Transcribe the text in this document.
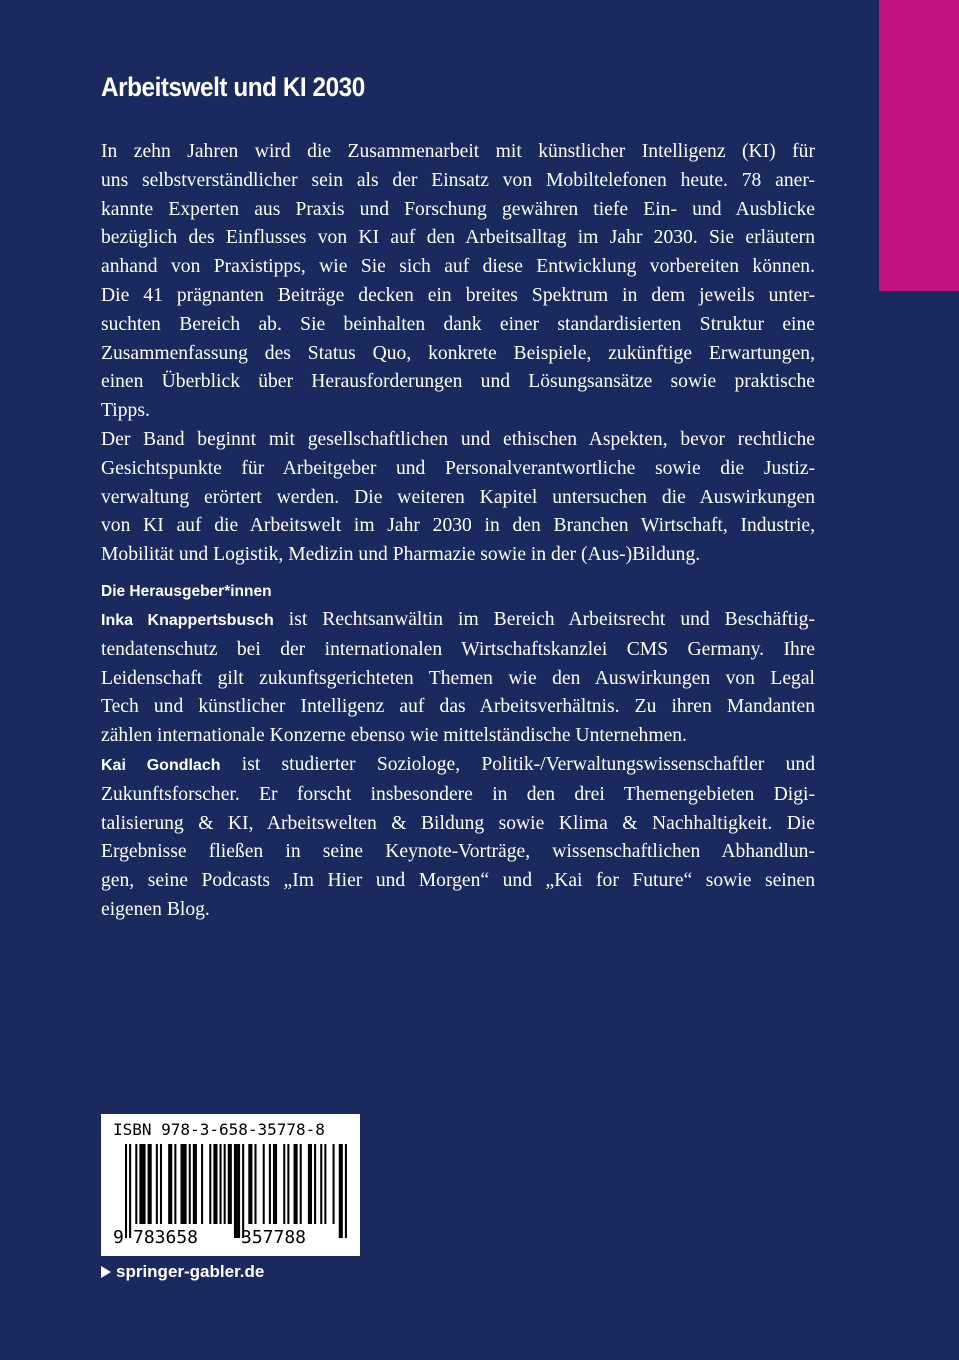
Arbeitswelt und KI 2030
In zehn Jahren wird die Zusammenarbeit mit künstlicher Intelligenz (KI) für
uns selbstverständlicher sein als der Einsatz von Mobiltelefonen heute. 78 aner-
kannte Experten aus Praxis und Forschung gewähren tiefe Ein- und Ausblicke
bezüglich des Einflusses von KI auf den Arbeitsalltag im Jahr 2030. Sie erläutern
anhand von Praxistipps, wie Sie sich auf diese Entwicklung vorbereiten können.
Die 41 prägnanten Beiträge decken ein breites Spektrum in dem jeweils unter-
suchten Bereich ab. Sie beinhalten dank einer standardisierten Struktur eine
Zusammenfassung des Status Quo, konkrete Beispiele, zukünftige Erwartungen,
einen Überblick über Herausforderungen und Lösungsansätze sowie praktische
Tipps.
Der Band beginnt mit gesellschaftlichen und ethischen Aspekten, bevor rechtliche
Gesichtspunkte für Arbeitgeber und Personalverantwortliche sowie die Justiz-
verwaltung erörtert werden. Die weiteren Kapitel untersuchen die Auswirkungen
von KI auf die Arbeitswelt im Jahr 2030 in den Branchen Wirtschaft, Industrie,
Mobilität und Logistik, Medizin und Pharmazie sowie in der (Aus-)Bildung.
Die Herausgeber*innen
Inka Knappertsbusch ist Rechtsanwältin im Bereich Arbeitsrecht und Beschäftig-
tendatenschutz bei der internationalen Wirtschaftskanzlei CMS Germany. Ihre
Leidenschaft gilt zukunftsgerichteten Themen wie den Auswirkungen von Legal
Tech und künstlicher Intelligenz auf das Arbeitsverhältnis. Zu ihren Mandanten
zählen internationale Konzerne ebenso wie mittelständische Unternehmen.
Kai Gondlach ist studierter Soziologe, Politik-/Verwaltungswissenschaftler und
Zukunftsforscher. Er forscht insbesondere in den drei Themengebieten Digi-
talisierung & KI, Arbeitswelten & Bildung sowie Klima & Nachhaltigkeit. Die
Ergebnisse fließen in seine Keynote-Vorträge, wissenschaftlichen Abhandlun-
gen, seine Podcasts „Im Hier und Morgen“ und „Kai for Future“ sowie seinen
eigenen Blog.
ISBN 978-3-658-35778-8
9 783658 357788
springer-gabler.de
